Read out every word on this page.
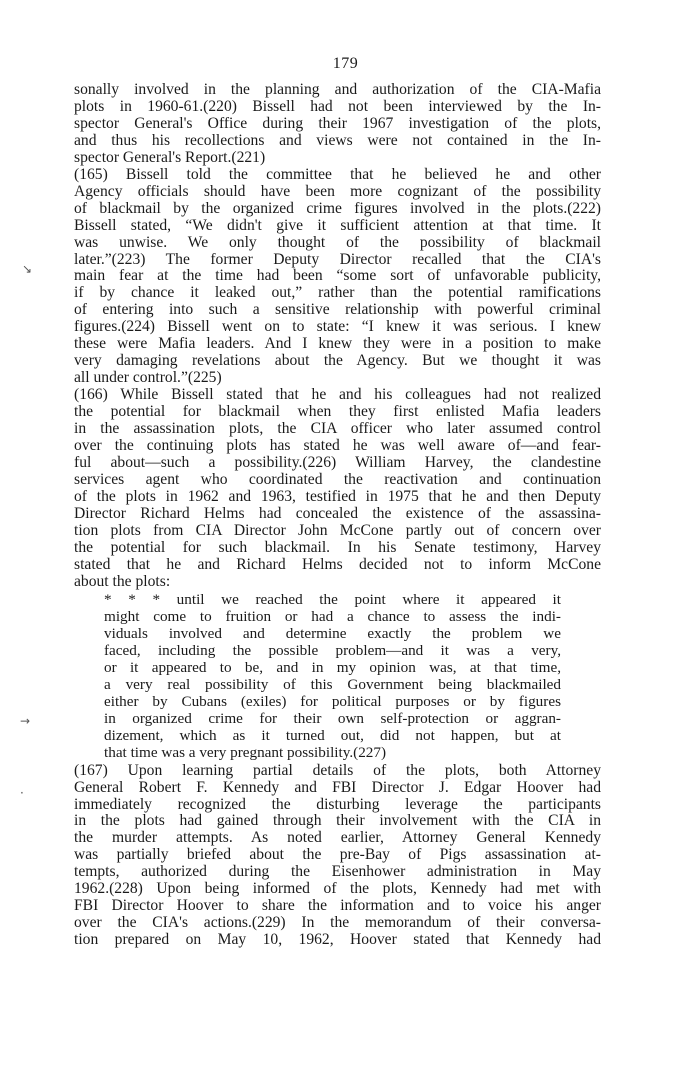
179
↘
→
·
sonally involved in the planning and authorization of the CIA-Mafia
plots in 1960-61.(220) Bissell had not been interviewed by the In-
spector General's Office during their 1967 investigation of the plots,
and thus his recollections and views were not contained in the In-
spector General's Report.(221)
(165) Bissell told the committee that he believed he and other
Agency officials should have been more cognizant of the possibility
of blackmail by the organized crime figures involved in the plots.(222)
Bissell stated, “We didn't give it sufficient attention at that time. It
was unwise. We only thought of the possibility of blackmail
later.”(223) The former Deputy Director recalled that the CIA's
main fear at the time had been “some sort of unfavorable publicity,
if by chance it leaked out,” rather than the potential ramifications
of entering into such a sensitive relationship with powerful criminal
figures.(224) Bissell went on to state: “I knew it was serious. I knew
these were Mafia leaders. And I knew they were in a position to make
very damaging revelations about the Agency. But we thought it was
all under control.”(225)
(166) While Bissell stated that he and his colleagues had not realized
the potential for blackmail when they first enlisted Mafia leaders
in the assassination plots, the CIA officer who later assumed control
over the continuing plots has stated he was well aware of—and fear-
ful about—such a possibility.(226) William Harvey, the clandestine
services agent who coordinated the reactivation and continuation
of the plots in 1962 and 1963, testified in 1975 that he and then Deputy
Director Richard Helms had concealed the existence of the assassina-
tion plots from CIA Director John McCone partly out of concern over
the potential for such blackmail. In his Senate testimony, Harvey
stated that he and Richard Helms decided not to inform McCone
about the plots:
* * * until we reached the point where it appeared it
might come to fruition or had a chance to assess the indi-
viduals involved and determine exactly the problem we
faced, including the possible problem—and it was a very,
or it appeared to be, and in my opinion was, at that time,
a very real possibility of this Government being blackmailed
either by Cubans (exiles) for political purposes or by figures
in organized crime for their own self-protection or aggran-
dizement, which as it turned out, did not happen, but at
that time was a very pregnant possibility.(227)
(167) Upon learning partial details of the plots, both Attorney
General Robert F. Kennedy and FBI Director J. Edgar Hoover had
immediately recognized the disturbing leverage the participants
in the plots had gained through their involvement with the CIA in
the murder attempts. As noted earlier, Attorney General Kennedy
was partially briefed about the pre-Bay of Pigs assassination at-
tempts, authorized during the Eisenhower administration in May
1962.(228) Upon being informed of the plots, Kennedy had met with
FBI Director Hoover to share the information and to voice his anger
over the CIA's actions.(229) In the memorandum of their conversa-
tion prepared on May 10, 1962, Hoover stated that Kennedy had
